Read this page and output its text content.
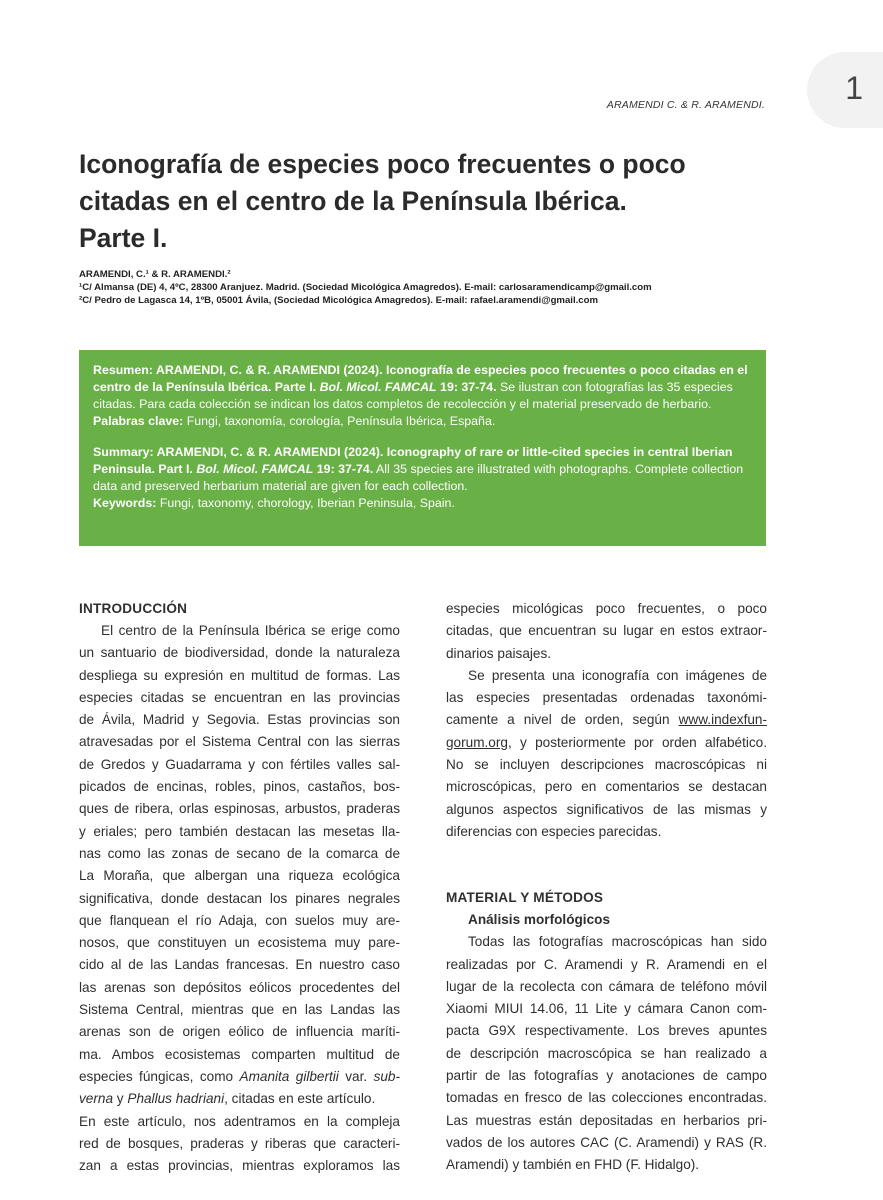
1
ARAMENDI C. & R. ARAMENDI.
Iconografía de especies poco frecuentes o poco
citadas en el centro de la Península Ibérica.
Parte I.
ARAMENDI, C.¹ & R. ARAMENDI.²
¹C/ Almansa (DE) 4, 4ºC, 28300 Aranjuez. Madrid. (Sociedad Micológica Amagredos). E-mail: carlosaramendicamp@gmail.com
²C/ Pedro de Lagasca 14, 1ºB, 05001 Ávila, (Sociedad Micológica Amagredos). E-mail: rafael.aramendi@gmail.com

Resumen: ARAMENDI, C. & R. ARAMENDI (2024). Iconografía de especies poco frecuentes o poco citadas en el centro de la Península Ibérica. Parte I. Bol. Micol. FAMCAL 19: 37-74. Se ilustran con fotografías las 35 especies citadas. Para cada colección se indican los datos completos de recolección y el material preservado de herbario.

Palabras clave: Fungi, taxonomía, corología, Península Ibérica, España.

Summary: ARAMENDI, C. & R. ARAMENDI (2024). Iconography of rare or little-cited species in central Iberian Peninsula. Part I. Bol. Micol. FAMCAL 19: 37-74. All 35 species are illustrated with photographs. Complete collection data and preserved herbarium material are given for each collection.

Keywords: Fungi, taxonomy, chorology, Iberian Peninsula, Spain.

INTRODUCCIÓN
El centro de la Península Ibérica se erige como
un santuario de biodiversidad, donde la naturaleza
despliega su expresión en multitud de formas. Las
especies citadas se encuentran en las provincias
de Ávila, Madrid y Segovia. Estas provincias son
atravesadas por el Sistema Central con las sierras
de Gredos y Guadarrama y con fértiles valles sal-
picados de encinas, robles, pinos, castaños, bos-
ques de ribera, orlas espinosas, arbustos, praderas
y eriales; pero también destacan las mesetas lla-
nas como las zonas de secano de la comarca de
La Moraña, que albergan una riqueza ecológica
significativa, donde destacan los pinares negrales
que flanquean el río Adaja, con suelos muy are-
nosos, que constituyen un ecosistema muy pare-
cido al de las Landas francesas. En nuestro caso
las arenas son depósitos eólicos procedentes del
Sistema Central, mientras que en las Landas las
arenas son de origen eólico de influencia maríti-
ma. Ambos ecosistemas comparten multitud de
especies fúngicas, como Amanita gilbertii var. sub-
verna y Phallus hadriani, citadas en este artículo.
En este artículo, nos adentramos en la compleja
red de bosques, praderas y riberas que caracteri-
zan a estas provincias, mientras exploramos las
especies micológicas poco frecuentes, o poco
citadas, que encuentran su lugar en estos extraor-
dinarios paisajes.
Se presenta una iconografía con imágenes de
las especies presentadas ordenadas taxonómi-
camente a nivel de orden, según www.indexfun-
gorum.org, y posteriormente por orden alfabético.
No se incluyen descripciones macroscópicas ni
microscópicas, pero en comentarios se destacan
algunos aspectos significativos de las mismas y
diferencias con especies parecidas.
MATERIAL Y MÉTODOS
Análisis morfológicos
Todas las fotografías macroscópicas han sido
realizadas por C. Aramendi y R. Aramendi en el
lugar de la recolecta con cámara de teléfono móvil
Xiaomi MIUI 14.06, 11 Lite y cámara Canon com-
pacta G9X respectivamente. Los breves apuntes
de descripción macroscópica se han realizado a
partir de las fotografías y anotaciones de campo
tomadas en fresco de las colecciones encontradas.
Las muestras están depositadas en herbarios pri-
vados de los autores CAC (C. Aramendi) y RAS (R.
Aramendi) y también en FHD (F. Hidalgo).
